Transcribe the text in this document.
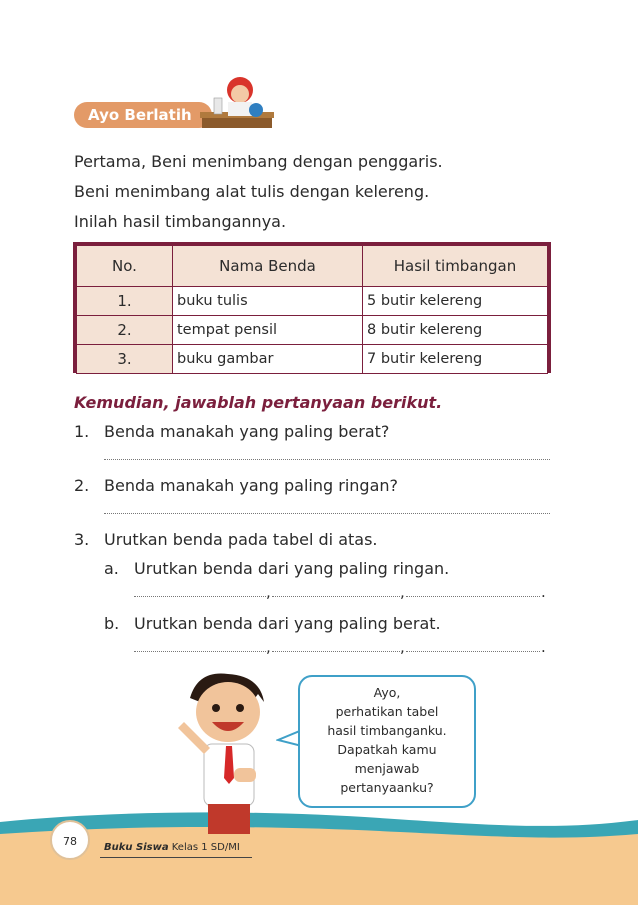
Ayo Berlatih
Pertama, Beni menimbang dengan penggaris.
Beni menimbang alat tulis dengan kelereng.
Inilah hasil timbangannya.
No.	Nama Benda	Hasil timbangan
1.	buku tulis	5 butir kelereng
2.	tempat pensil	8 butir kelereng
3.	buku gambar	7 butir kelereng
Kemudian, jawablah pertanyaan berikut.
1. Benda manakah yang paling berat?
2. Benda manakah yang paling ringan?
3. Urutkan benda pada tabel di atas.
a. Urutkan benda dari yang paling ringan.
,	,	.
b. Urutkan benda dari yang paling berat.
,	,	.
Ayo,
perhatikan tabel
hasil timbanganku.
Dapatkah kamu
menjawab
pertanyaanku?
78	Buku Siswa Kelas 1 SD/MI
